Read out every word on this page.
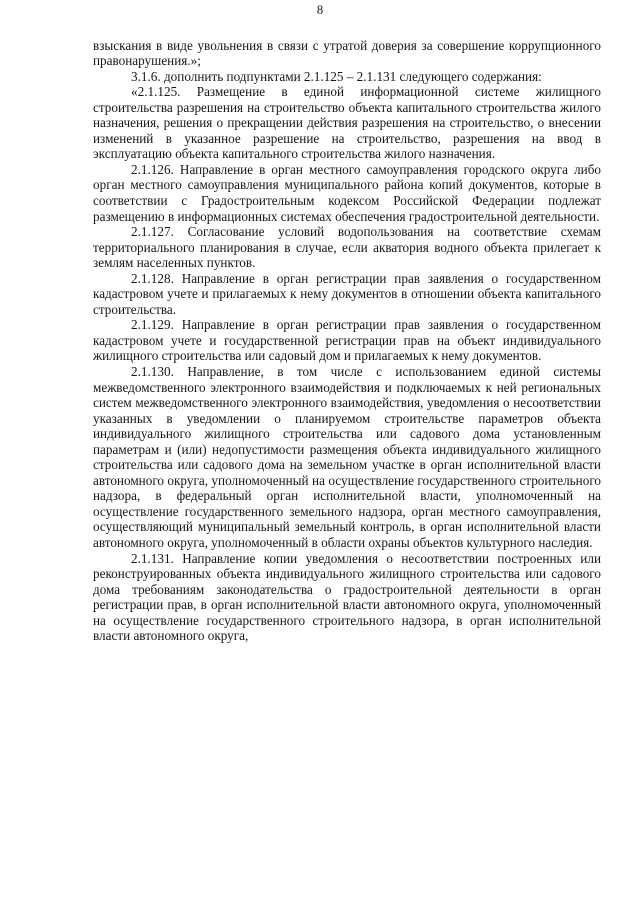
8

взыскания в виде увольнения в связи с утратой доверия за совершение коррупционного правонарушения.»;

3.1.6. дополнить подпунктами 2.1.125 – 2.1.131 следующего содержания:

«2.1.125. Размещение в единой информационной системе жилищного строительства разрешения на строительство объекта капитального строительства жилого назначения, решения о прекращении действия разрешения на строительство, о внесении изменений в указанное разрешение на строительство, разрешения на ввод в эксплуатацию объекта капитального строительства жилого назначения.

2.1.126. Направление в орган местного самоуправления городского округа либо орган местного самоуправления муниципального района копий документов, которые в соответствии с Градостроительным кодексом Российской Федерации подлежат размещению в информационных системах обеспечения градостроительной деятельности.

2.1.127. Согласование условий водопользования на соответствие схемам территориального планирования в случае, если акватория водного объекта прилегает к землям населенных пунктов.

2.1.128. Направление в орган регистрации прав заявления о государственном кадастровом учете и прилагаемых к нему документов в отношении объекта капитального строительства.

2.1.129. Направление в орган регистрации прав заявления о государственном кадастровом учете и государственной регистрации прав на объект индивидуального жилищного строительства или садовый дом и прилагаемых к нему документов.

2.1.130. Направление, в том числе с использованием единой системы межведомственного электронного взаимодействия и подключаемых к ней региональных систем межведомственного электронного взаимодействия, уведомления о несоответствии указанных в уведомлении о планируемом строительстве параметров объекта индивидуального жилищного строительства или садового дома установленным параметрам и (или) недопустимости размещения объекта индивидуального жилищного строительства или садового дома на земельном участке в орган исполнительной власти автономного округа, уполномоченный на осуществление государственного строительного надзора, в федеральный орган исполнительной власти, уполномоченный на осуществление государственного земельного надзора, орган местного самоуправления, осуществляющий муниципальный земельный контроль, в орган исполнительной власти автономного округа, уполномоченный в области охраны объектов культурного наследия.

2.1.131. Направление копии уведомления о несоответствии построенных или реконструированных объекта индивидуального жилищного строительства или садового дома требованиям законодательства о градостроительной деятельности в орган регистрации прав, в орган исполнительной власти автономного округа, уполномоченный на осуществление государственного строительного надзора, в орган исполнительной власти автономного округа,
